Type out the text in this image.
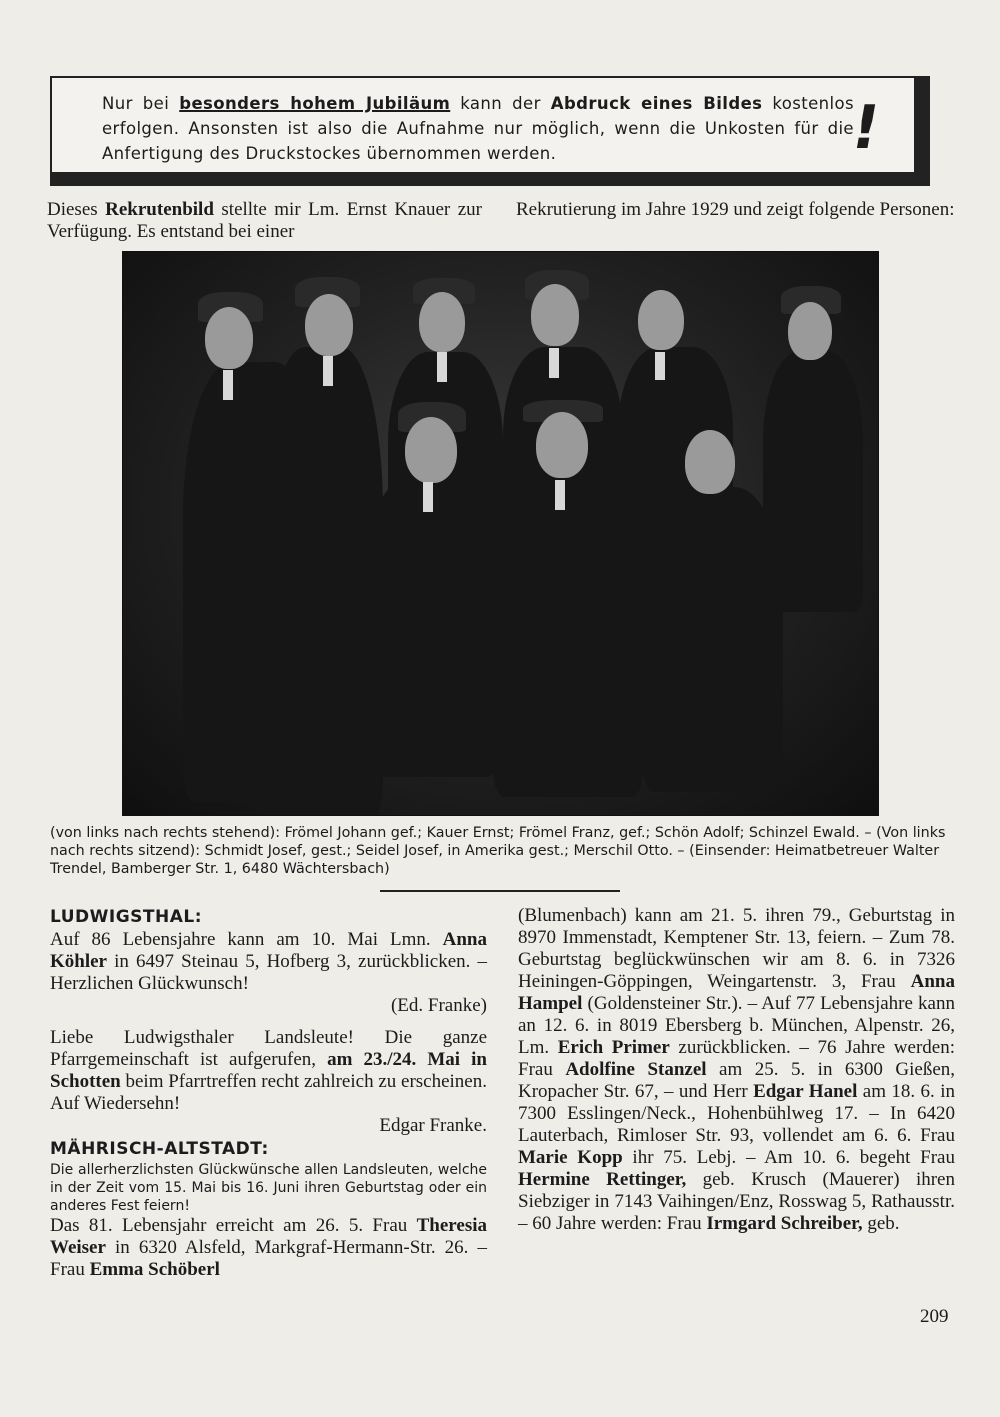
Nur bei besonders hohem Jubiläum kann der Abdruck eines Bildes kostenlos erfolgen. Ansonsten ist also die Aufnahme nur möglich, wenn die Unkosten für die Anfertigung des Druckstockes übernommen werden.	!
Dieses Rekrutenbild stellte mir Lm. Ernst Knauer zur Verfügung. Es entstand bei einer
Rekrutierung im Jahre 1929 und zeigt folgende Personen:
(von links nach rechts stehend): Frömel Johann gef.; Kauer Ernst; Frömel Franz, gef.; Schön Adolf; Schinzel Ewald. – (Von links nach rechts sitzend): Schmidt Josef, gest.; Seidel Josef, in Amerika gest.; Merschil Otto. – (Einsender: Heimatbetreuer Walter Trendel, Bamberger Str. 1, 6480 Wächtersbach)

LUDWIGSTHAL:

Auf 86 Lebensjahre kann am 10. Mai Lmn. Anna Köhler in 6497 Steinau 5, Hofberg 3, zurückblicken. – Herzlichen Glückwunsch!

(Ed. Franke)

Liebe Ludwigsthaler Landsleute! Die ganze Pfarrgemeinschaft ist aufgerufen, am 23./24. Mai in Schotten beim Pfarrtreffen recht zahlreich zu erscheinen. Auf Wiedersehn!

Edgar Franke.

MÄHRISCH-ALTSTADT:

Die allerherzlichsten Glückwünsche allen Landsleuten, welche in der Zeit vom 15. Mai bis 16. Juni ihren Geburtstag oder ein anderes Fest feiern!

Das 81. Lebensjahr erreicht am 26. 5. Frau Theresia Weiser in 6320 Alsfeld, Markgraf-Hermann-Str. 26. – Frau Emma Schöberl

(Blumenbach) kann am 21. 5. ihren 79., Geburtstag in 8970 Immenstadt, Kemptener Str. 13, feiern. – Zum 78. Geburtstag beglückwünschen wir am 8. 6. in 7326 Heiningen-Göppingen, Weingartenstr. 3, Frau Anna Hampel (Goldensteiner Str.). – Auf 77 Lebensjahre kann an 12. 6. in 8019 Ebersberg b. München, Alpenstr. 26, Lm. Erich Primer zurückblicken. – 76 Jahre werden: Frau Adolfine Stanzel am 25. 5. in 6300 Gießen, Kropacher Str. 67, – und Herr Edgar Hanel am 18. 6. in 7300 Esslingen/Neck., Hohenbühlweg 17. – In 6420 Lauterbach, Rimloser Str. 93, vollendet am 6. 6. Frau Marie Kopp ihr 75. Lebj. – Am 10. 6. begeht Frau Hermine Rettinger, geb. Krusch (Mauerer) ihren Siebziger in 7143 Vaihingen/Enz, Rosswag 5, Rathausstr. – 60 Jahre werden: Frau Irmgard Schreiber, geb.

209
